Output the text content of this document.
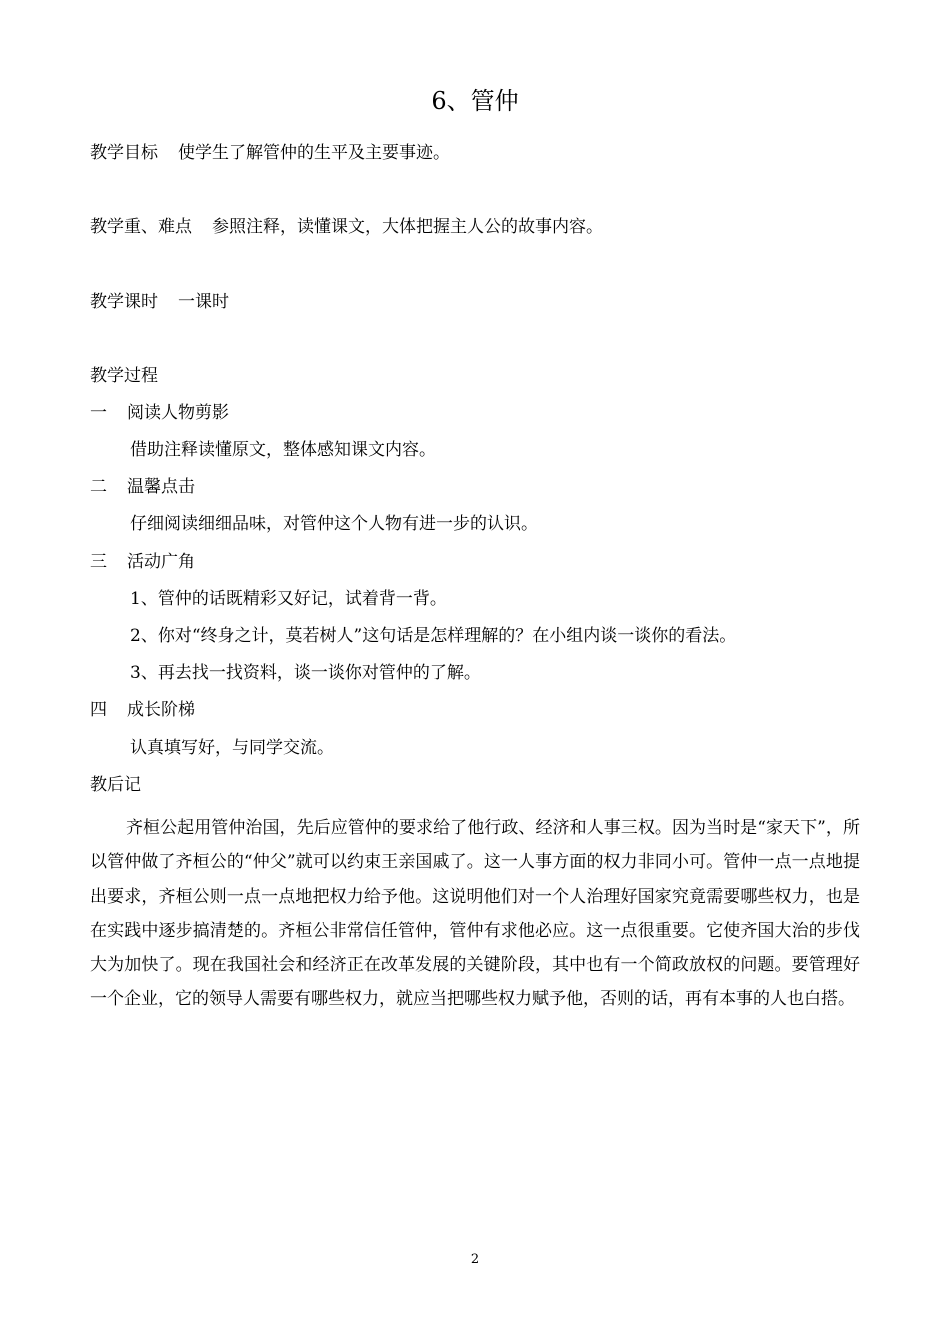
6、管仲
教学目标 使学生了解管仲的生平及主要事迹。
教学重、难点 参照注释，读懂课文，大体把握主人公的故事内容。
教学课时 一课时
教学过程
一 阅读人物剪影
借助注释读懂原文，整体感知课文内容。
二 温馨点击
仔细阅读细细品味，对管仲这个人物有进一步的认识。
三 活动广角
1、管仲的话既精彩又好记，试着背一背。
2、你对“终身之计，莫若树人”这句话是怎样理解的？在小组内谈一谈你的看法。
3、再去找一找资料，谈一谈你对管仲的了解。
四 成长阶梯
认真填写好，与同学交流。
教后记
齐桓公起用管仲治国，先后应管仲的要求给了他行政、经济和人事三权。因为当时是“家天下”，所以管仲做了齐桓公的“仲父”就可以约束王亲国戚了。这一人事方面的权力非同小可。管仲一点一点地提出要求，齐桓公则一点一点地把权力给予他。这说明他们对一个人治理好国家究竟需要哪些权力，也是在实践中逐步搞清楚的。齐桓公非常信任管仲，管仲有求他必应。这一点很重要。它使齐国大治的步伐大为加快了。现在我国社会和经济正在改革发展的关键阶段，其中也有一个简政放权的问题。要管理好一个企业，它的领导人需要有哪些权力，就应当把哪些权力赋予他，否则的话，再有本事的人也白搭。
2
